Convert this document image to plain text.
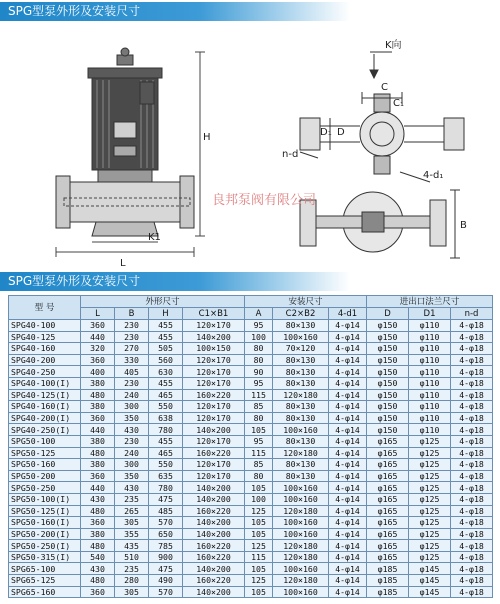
SPG型泵外形及安装尺寸
H
L
K1
K向
C
C₁
n-d
4-d₁
D₁ D
B
良邦泵阀有限公司
SPG型泵外形及安装尺寸
型 号	外形尺寸				安装尺寸			进出口法兰尺寸		
	L	B	H	C1×B1	A	C2×B2	4-d1	D	D1	n-d
SPG40-100	360	230	455	120×170	95	80×130	4-φ14	φ150	φ110	4-φ18
SPG40-125	440	230	455	140×200	100	100×160	4-φ14	φ150	φ110	4-φ18
SPG40-160	320	270	505	100×150	80	70×120	4-φ14	φ150	φ110	4-φ18
SPG40-200	360	330	560	120×170	80	80×130	4-φ14	φ150	φ110	4-φ18
SPG40-250	400	405	630	120×170	90	80×130	4-φ14	φ150	φ110	4-φ18
SPG40-100(I)	380	230	455	120×170	95	80×130	4-φ14	φ150	φ110	4-φ18
SPG40-125(I)	480	240	465	160×220	115	120×180	4-φ14	φ150	φ110	4-φ18
SPG40-160(I)	380	300	550	120×170	85	80×130	4-φ14	φ150	φ110	4-φ18
SPG40-200(I)	360	350	638	120×170	80	80×130	4-φ14	φ150	φ110	4-φ18
SPG40-250(I)	440	430	780	140×200	105	100×160	4-φ14	φ150	φ110	4-φ18
SPG50-100	380	230	455	120×170	95	80×130	4-φ14	φ165	φ125	4-φ18
SPG50-125	480	240	465	160×220	115	120×180	4-φ14	φ165	φ125	4-φ18
SPG50-160	380	300	550	120×170	85	80×130	4-φ14	φ165	φ125	4-φ18
SPG50-200	360	350	635	120×170	80	80×130	4-φ14	φ165	φ125	4-φ18
SPG50-250	440	430	780	140×200	105	100×160	4-φ14	φ165	φ125	4-φ18
SPG50-100(I)	430	235	475	140×200	100	100×160	4-φ14	φ165	φ125	4-φ18
SPG50-125(I)	480	265	485	160×220	125	120×180	4-φ14	φ165	φ125	4-φ18
SPG50-160(I)	360	305	570	140×200	105	100×160	4-φ14	φ165	φ125	4-φ18
SPG50-200(I)	380	355	650	140×200	105	100×160	4-φ14	φ165	φ125	4-φ18
SPG50-250(I)	480	435	785	160×220	125	120×180	4-φ14	φ165	φ125	4-φ18
SPG50-315(I)	540	510	900	160×220	115	120×180	4-φ14	φ165	φ125	4-φ18
SPG65-100	430	235	475	140×200	105	100×160	4-φ14	φ185	φ145	4-φ18
SPG65-125	480	280	490	160×220	125	120×180	4-φ14	φ185	φ145	4-φ18
SPG65-160	360	305	570	140×200	105	100×160	4-φ14	φ185	φ145	4-φ18
